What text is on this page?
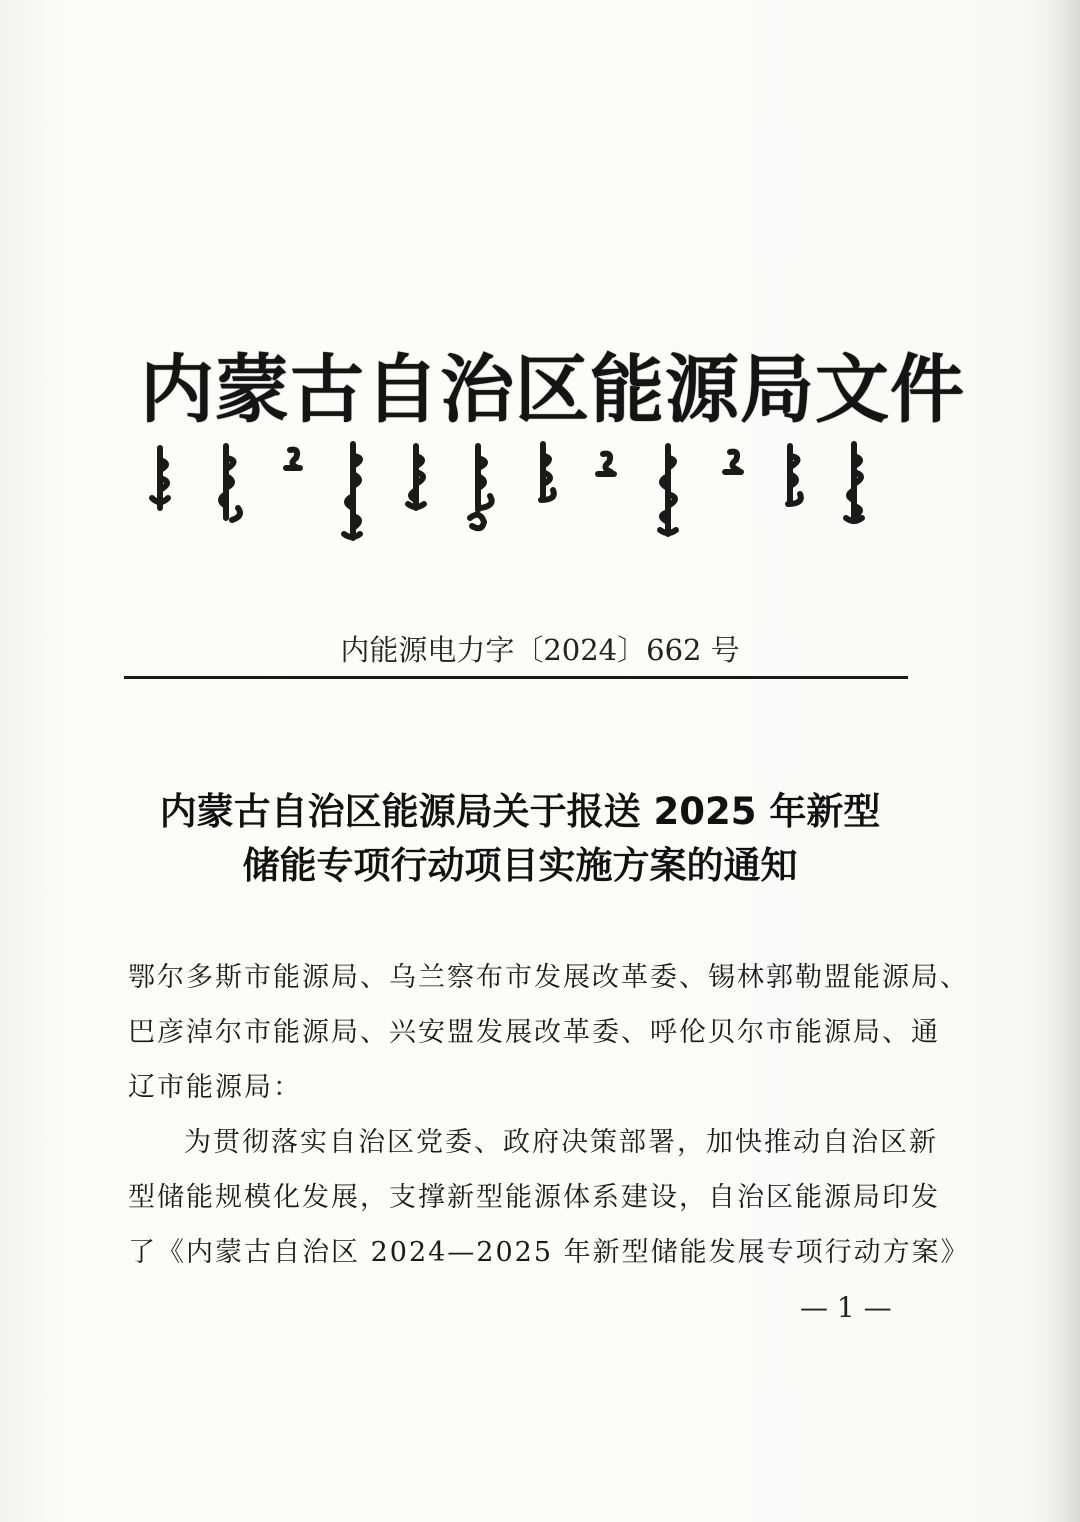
内蒙古自治区能源局文件
内能源电力字〔2024〕662 号
内蒙古自治区能源局关于报送 2025 年新型
储能专项行动项目实施方案的通知
鄂尔多斯市能源局、乌兰察布市发展改革委、锡林郭勒盟能源局、
巴彦淖尔市能源局、兴安盟发展改革委、呼伦贝尔市能源局、通
辽市能源局：
为贯彻落实自治区党委、政府决策部署，加快推动自治区新
型储能规模化发展，支撑新型能源体系建设，自治区能源局印发
了《内蒙古自治区 2024—2025 年新型储能发展专项行动方案》
— 1 —
